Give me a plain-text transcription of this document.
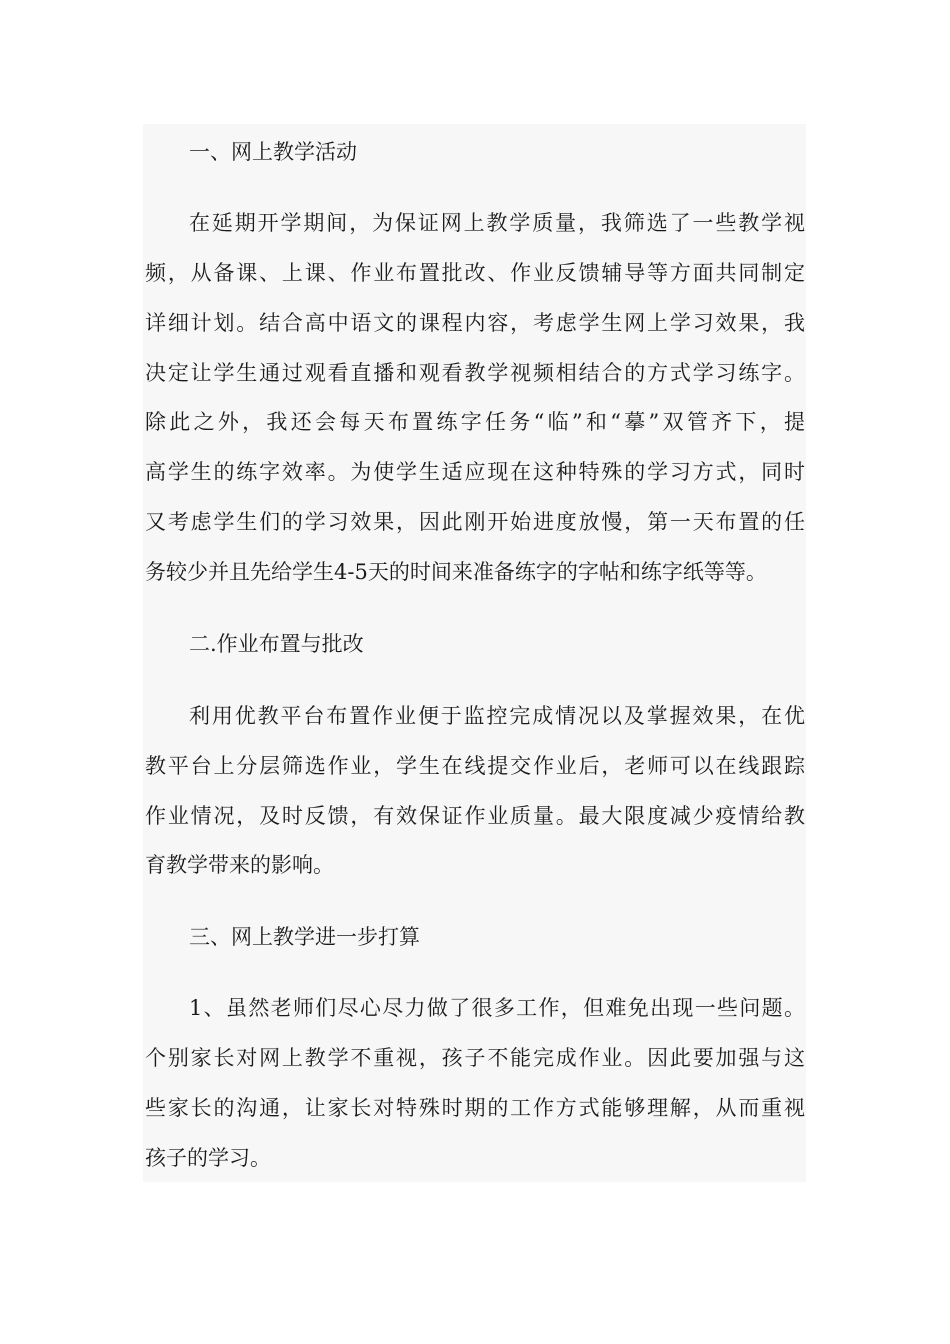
一、网上教学活动
在延期开学期间，为保证网上教学质量，我筛选了一些教学视
频，从备课、上课、作业布置批改、作业反馈辅导等方面共同制定
详细计划。结合高中语文的课程内容，考虑学生网上学习效果，我
决定让学生通过观看直播和观看教学视频相结合的方式学习练字。
除此之外，我还会每天布置练字任务“临”和“摹”双管齐下，提
高学生的练字效率。为使学生适应现在这种特殊的学习方式，同时
又考虑学生们的学习效果，因此刚开始进度放慢，第一天布置的任
务较少并且先给学生4-5天的时间来准备练字的字帖和练字纸等等。
二.作业布置与批改
利用优教平台布置作业便于监控完成情况以及掌握效果，在优
教平台上分层筛选作业，学生在线提交作业后，老师可以在线跟踪
作业情况，及时反馈，有效保证作业质量。最大限度减少疫情给教
育教学带来的影响。
三、网上教学进一步打算
1、虽然老师们尽心尽力做了很多工作，但难免出现一些问题。
个别家长对网上教学不重视，孩子不能完成作业。因此要加强与这
些家长的沟通，让家长对特殊时期的工作方式能够理解，从而重视
孩子的学习。
